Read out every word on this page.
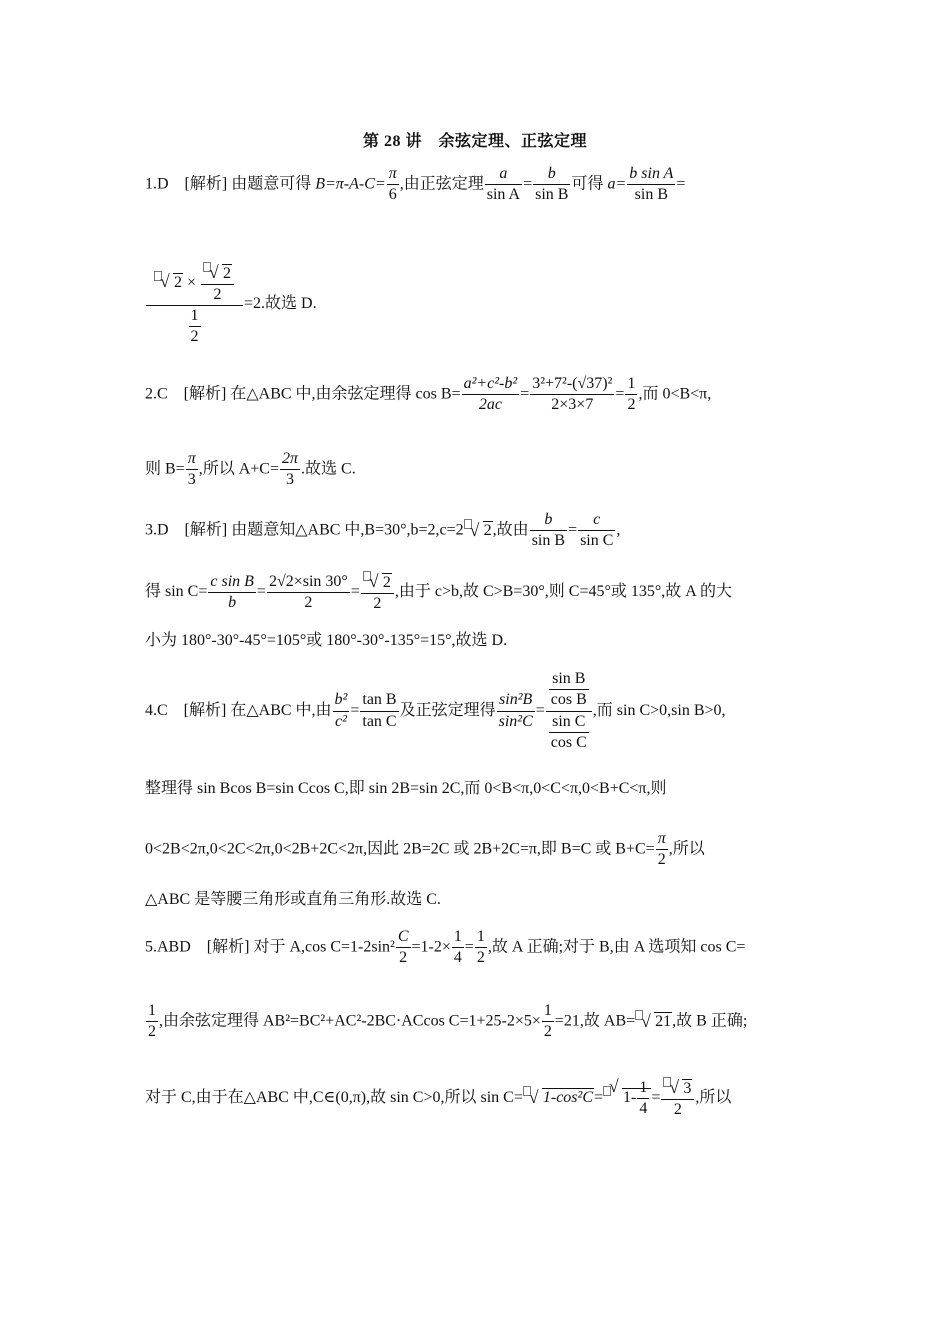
第 28 讲　余弦定理、正弦定理
1.D　[解析] 由题意可得 $B=\pi-A-C= \frac{\pi}{6}$ ,由正弦定理 $\frac{a}{\text{sin A}} = \frac{b}{\text{sin B}}$ 可得 $a= \frac{\text{b sin A}}{\text{sin B}}$ =
$\frac{√ 2 \times \frac{√ 2}{2}}{\frac{1}{2}} =2$.故选 D.
2.C　[解析] 在△ABC 中,由余弦定理得 $\cos B= \frac{\text{a²+c²-b²}}{2ac} = \frac{\text{3²+7²-(√37)²}}{2\times 3\times 7} = \frac{1}{2}$ ,而 0<B<π,
则 $B= \frac{\pi}{3}$ ,所以 $A+C= \frac{2\pi}{3}$ .故选 C.
3.D　[解析] 由题意知△ABC 中,B=30°,b=2,c=2 √ 2,故由 $\frac{b}{\text{sin B}} = \frac{c}{\text{sin C}}$ ,
得 $\sin C= \frac{\text{c sin B}}{b} = \frac{2√2\times\sin 30^\circ}{2} = \frac{√ 2}{2}$ ,由于 c>b,故 C>B=30°,则 C=45°或 135°,故 A 的大
小为 180°-30°-45°=105°或 180°-30°-135°=15°,故选 D.
4.C　[解析] 在△ABC 中,由 $\frac{\text{b²}}{\text{c²}} = \frac{\text{tan B}}{\text{tan C}}$ 及正弦定理得 $\frac{\text{sin²B}}{\text{sin²C}} = \frac{\frac{\text{sin B}}{\text{cos B}}}{\frac{\text{sin C}}{\text{cos C}}}$ ,而 sin C>0,sin B>0,
整理得 sin Bcos B=sin Ccos C,即 sin 2B=sin 2C,而 0<B<π,0<C<π,0<B+C<π,则
0<2B<2π,0<2C<2π,0<2B+2C<2π,因此 2B=2C 或 2B+2C=π,即 B=C 或 $B+C= \frac{\pi}{2}$ ,所以
△ABC 是等腰三角形或直角三角形.故选 C.
5.ABD　[解析] 对于 A,cos $C=1-2\sin^2 \frac{C}{2} =1-2\times \frac{1}{4} = \frac{1}{2}$ ,故 A 正确;对于 B,由 A 选项知 cos C=
$\frac{1}{2}$ ,由余弦定理得 AB²=BC²+AC²-2BC·ACcos $C=1+25-2\times 5\times \frac{1}{2} =21$,故 AB= √ 21,故 B 正确;
对于 C,由于在△ABC 中,C∈(0,π),故 sin C>0,所以 sin C= √ 1-cos²C=
√
$1- \frac{1}{4} = \frac{√ 3}{2}$ ,所以
